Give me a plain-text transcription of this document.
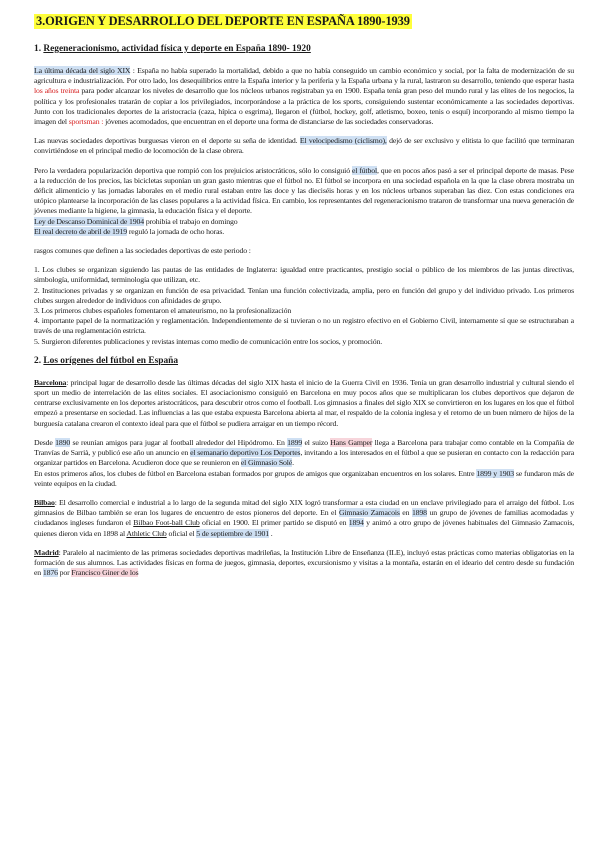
3.ORIGEN Y DESARROLLO DEL DEPORTE EN ESPAÑA 1890-1939
1. Regeneracionismo, actividad física y deporte en España 1890- 1920

La última década del siglo XIX : España no había superado la mortalidad, debido a que no había conseguido un cambio económico y social, por la falta de modernización de su agricultura e industrialización. Por otro lado, los desequilibrios entre la España interior y la periferia y la España urbana y la rural, lastraron su desarrollo, teniendo que esperar hasta los años treinta para poder alcanzar los niveles de desarrollo que los núcleos urbanos registraban ya en 1900. España tenía gran peso del mundo rural y las elites de los negocios, la política y los profesionales tratarán de copiar a los privilegiados, incorporándose a la práctica de los sports, consiguiendo sustentar económicamente a las sociedades deportivas. Junto con los tradicionales deportes de la aristocracia (caza, hípica o esgrima), llegaron el (fútbol, hockey, golf, atletismo, boxeo, tenis o esquí) incorporando al mismo tiempo la imagen del sportsman : jóvenes acomodados, que encuentran en el deporte una forma de distanciarse de las sociedades conservadoras.

Las nuevas sociedades deportivas burguesas vieron en el deporte su seña de identidad. El velocipedismo (ciclismo), dejó de ser exclusivo y elitista lo que facilitó que terminaran convirtiéndose en el principal medio de locomoción de la clase obrera.

Pero la verdadera popularización deportiva que rompió con los prejuicios aristocráticos, sólo lo consiguió el fútbol, que en pocos años pasó a ser el principal deporte de masas. Pese a la reducción de los precios, las bicicletas suponían un gran gasto mientras que el fútbol no. El fútbol se incorpora en una sociedad española en la que la clase obrera mostraba un déficit alimenticio y las jornadas laborales en el medio rural estaban entre las doce y las dieciséis horas y en los núcleos urbanos superaban las diez. Con estas condiciones era utópico plantearse la incorporación de las clases populares a la actividad física. En cambio, los representantes del regeneracionismo trataron de transformar una nueva generación de jóvenes mediante la higiene, la gimnasia, la educación física y el deporte.

Ley de Descanso Dominical de 1904 prohibía el trabajo en domingo
El real decreto de abril de 1919 reguló la jornada de ocho horas.
rasgos comunes que definen a las sociedades deportivas de este periodo :
1. Los clubes se organizan siguiendo las pautas de las entidades de Inglaterra: igualdad entre practicantes, prestigio social o público de los miembros de las juntas directivas, simbología, uniformidad, terminología que utilizan, etc.
2. Instituciones privadas y se organizan en función de esa privacidad. Tenían una función colectivizada, amplia, pero en función del grupo y del individuo privado. Los primeros clubes surgen alrededor de individuos con afinidades de grupo.
3. Los primeros clubes españoles fomentaron el amateurismo, no la profesionalización
4. importante papel de la normatización y reglamentación. Independientemente de si tuvieran o no un registro efectivo en el Gobierno Civil, internamente sí que se estructuraban a través de una reglamentación estricta.
5. Surgieron diferentes publicaciones y revistas internas como medio de comunicación entre los socios, y promoción.
2. Los orígenes del fútbol en España

Barcelona: principal lugar de desarrollo desde las últimas décadas del siglo XIX hasta el inicio de la Guerra Civil en 1936. Tenía un gran desarrollo industrial y cultural siendo el sport un medio de interrelación de las elites sociales. El asociacionismo consiguió en Barcelona en muy pocos años que se multiplicaran los clubes deportivos que dejaron de centrarse exclusivamente en los deportes aristocráticos, para descubrir otros como el football. Los gimnasios a finales del siglo XIX se convirtieron en los lugares en los que el fútbol empezó a presentarse en sociedad. Las influencias a las que estaba expuesta Barcelona abierta al mar, el respaldo de la colonia inglesa y el retorno de un buen número de hijos de la burguesía catalana crearon el contexto ideal para que el fútbol se pudiera arraigar en un tiempo récord.

Desde 1890 se reunían amigos para jugar al football alrededor del Hipódromo. En 1899 el suizo Hans Gamper llega a Barcelona para trabajar como contable en la Compañía de Tranvías de Sarrià, y publicó ese año un anuncio en el semanario deportivo Los Deportes, invitando a los interesados en el fútbol a que se pusieran en contacto con la redacción para organizar partidos en Barcelona. Acudieron doce que se reunieron en el Gimnasio Solé.

En estos primeros años, los clubes de fútbol en Barcelona estaban formados por grupos de amigos que organizaban encuentros en los solares. Entre 1899 y 1903 se fundaron más de veinte equipos en la ciudad.

Bilbao: El desarrollo comercial e industrial a lo largo de la segunda mitad del siglo XIX logró transformar a esta ciudad en un enclave privilegiado para el arraigo del fútbol. Los gimnasios de Bilbao también se eran los lugares de encuentro de estos pioneros del deporte. En el Gimnasio Zamacois en 1898 un grupo de jóvenes de familias acomodadas y ciudadanos ingleses fundaron el Bilbao Foot-ball Club oficial en 1900. El primer partido se disputó en 1894 y animó a otro grupo de jóvenes habituales del Gimnasio Zamacois, quienes dieron vida en 1898 al Athletic Club oficial el 5 de septiembre de 1901 .

Madrid: Paralelo al nacimiento de las primeras sociedades deportivas madrileñas, la Institución Libre de Enseñanza (ILE), incluyó estas prácticas como materias obligatorias en la formación de sus alumnos. Las actividades físicas en forma de juegos, gimnasia, deportes, excursionismo y visitas a la montaña, estarán en el ideario del centro desde su fundación en 1876 por Francisco Giner de los
